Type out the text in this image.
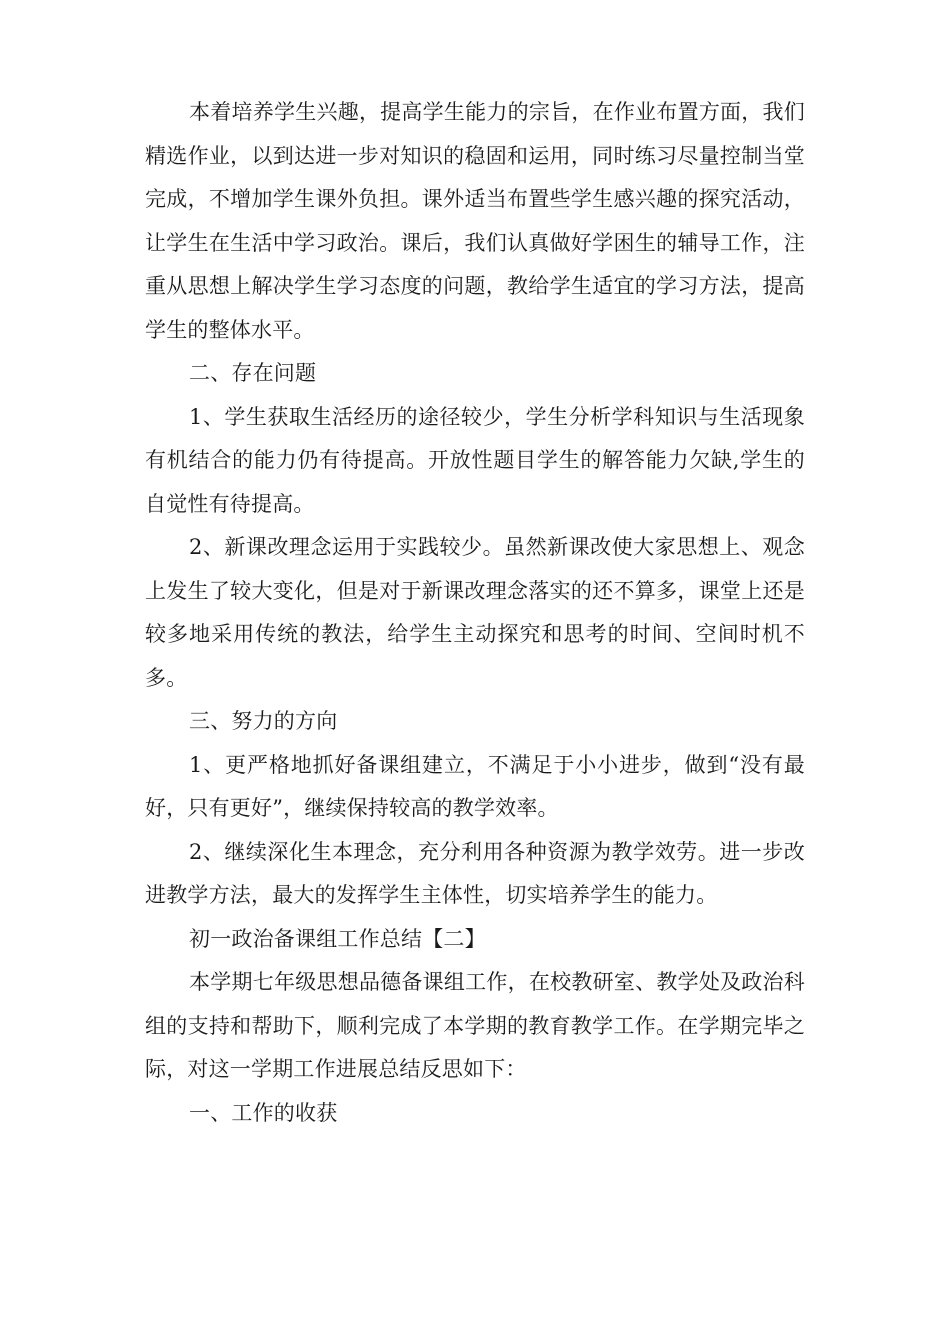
本着培养学生兴趣，提高学生能力的宗旨，在作业布置方面，我们精选作业，以到达进一步对知识的稳固和运用，同时练习尽量控制当堂完成，不增加学生课外负担。课外适当布置些学生感兴趣的探究活动，让学生在生活中学习政治。课后，我们认真做好学困生的辅导工作，注重从思想上解决学生学习态度的问题，教给学生适宜的学习方法，提高学生的整体水平。

二、存在问题

1、学生获取生活经历的途径较少，学生分析学科知识与生活现象有机结合的能力仍有待提高。开放性题目学生的解答能力欠缺,学生的自觉性有待提高。

2、新课改理念运用于实践较少。虽然新课改使大家思想上、观念上发生了较大变化，但是对于新课改理念落实的还不算多，课堂上还是较多地采用传统的教法，给学生主动探究和思考的时间、空间时机不多。

三、努力的方向

1、更严格地抓好备课组建立，不满足于小小进步，做到“没有最好，只有更好”，继续保持较高的教学效率。

2、继续深化生本理念，充分利用各种资源为教学效劳。进一步改进教学方法，最大的发挥学生主体性，切实培养学生的能力。

初一政治备课组工作总结【二】

本学期七年级思想品德备课组工作，在校教研室、教学处及政治科组的支持和帮助下，顺利完成了本学期的教育教学工作。在学期完毕之际，对这一学期工作进展总结反思如下：

一、工作的收获
